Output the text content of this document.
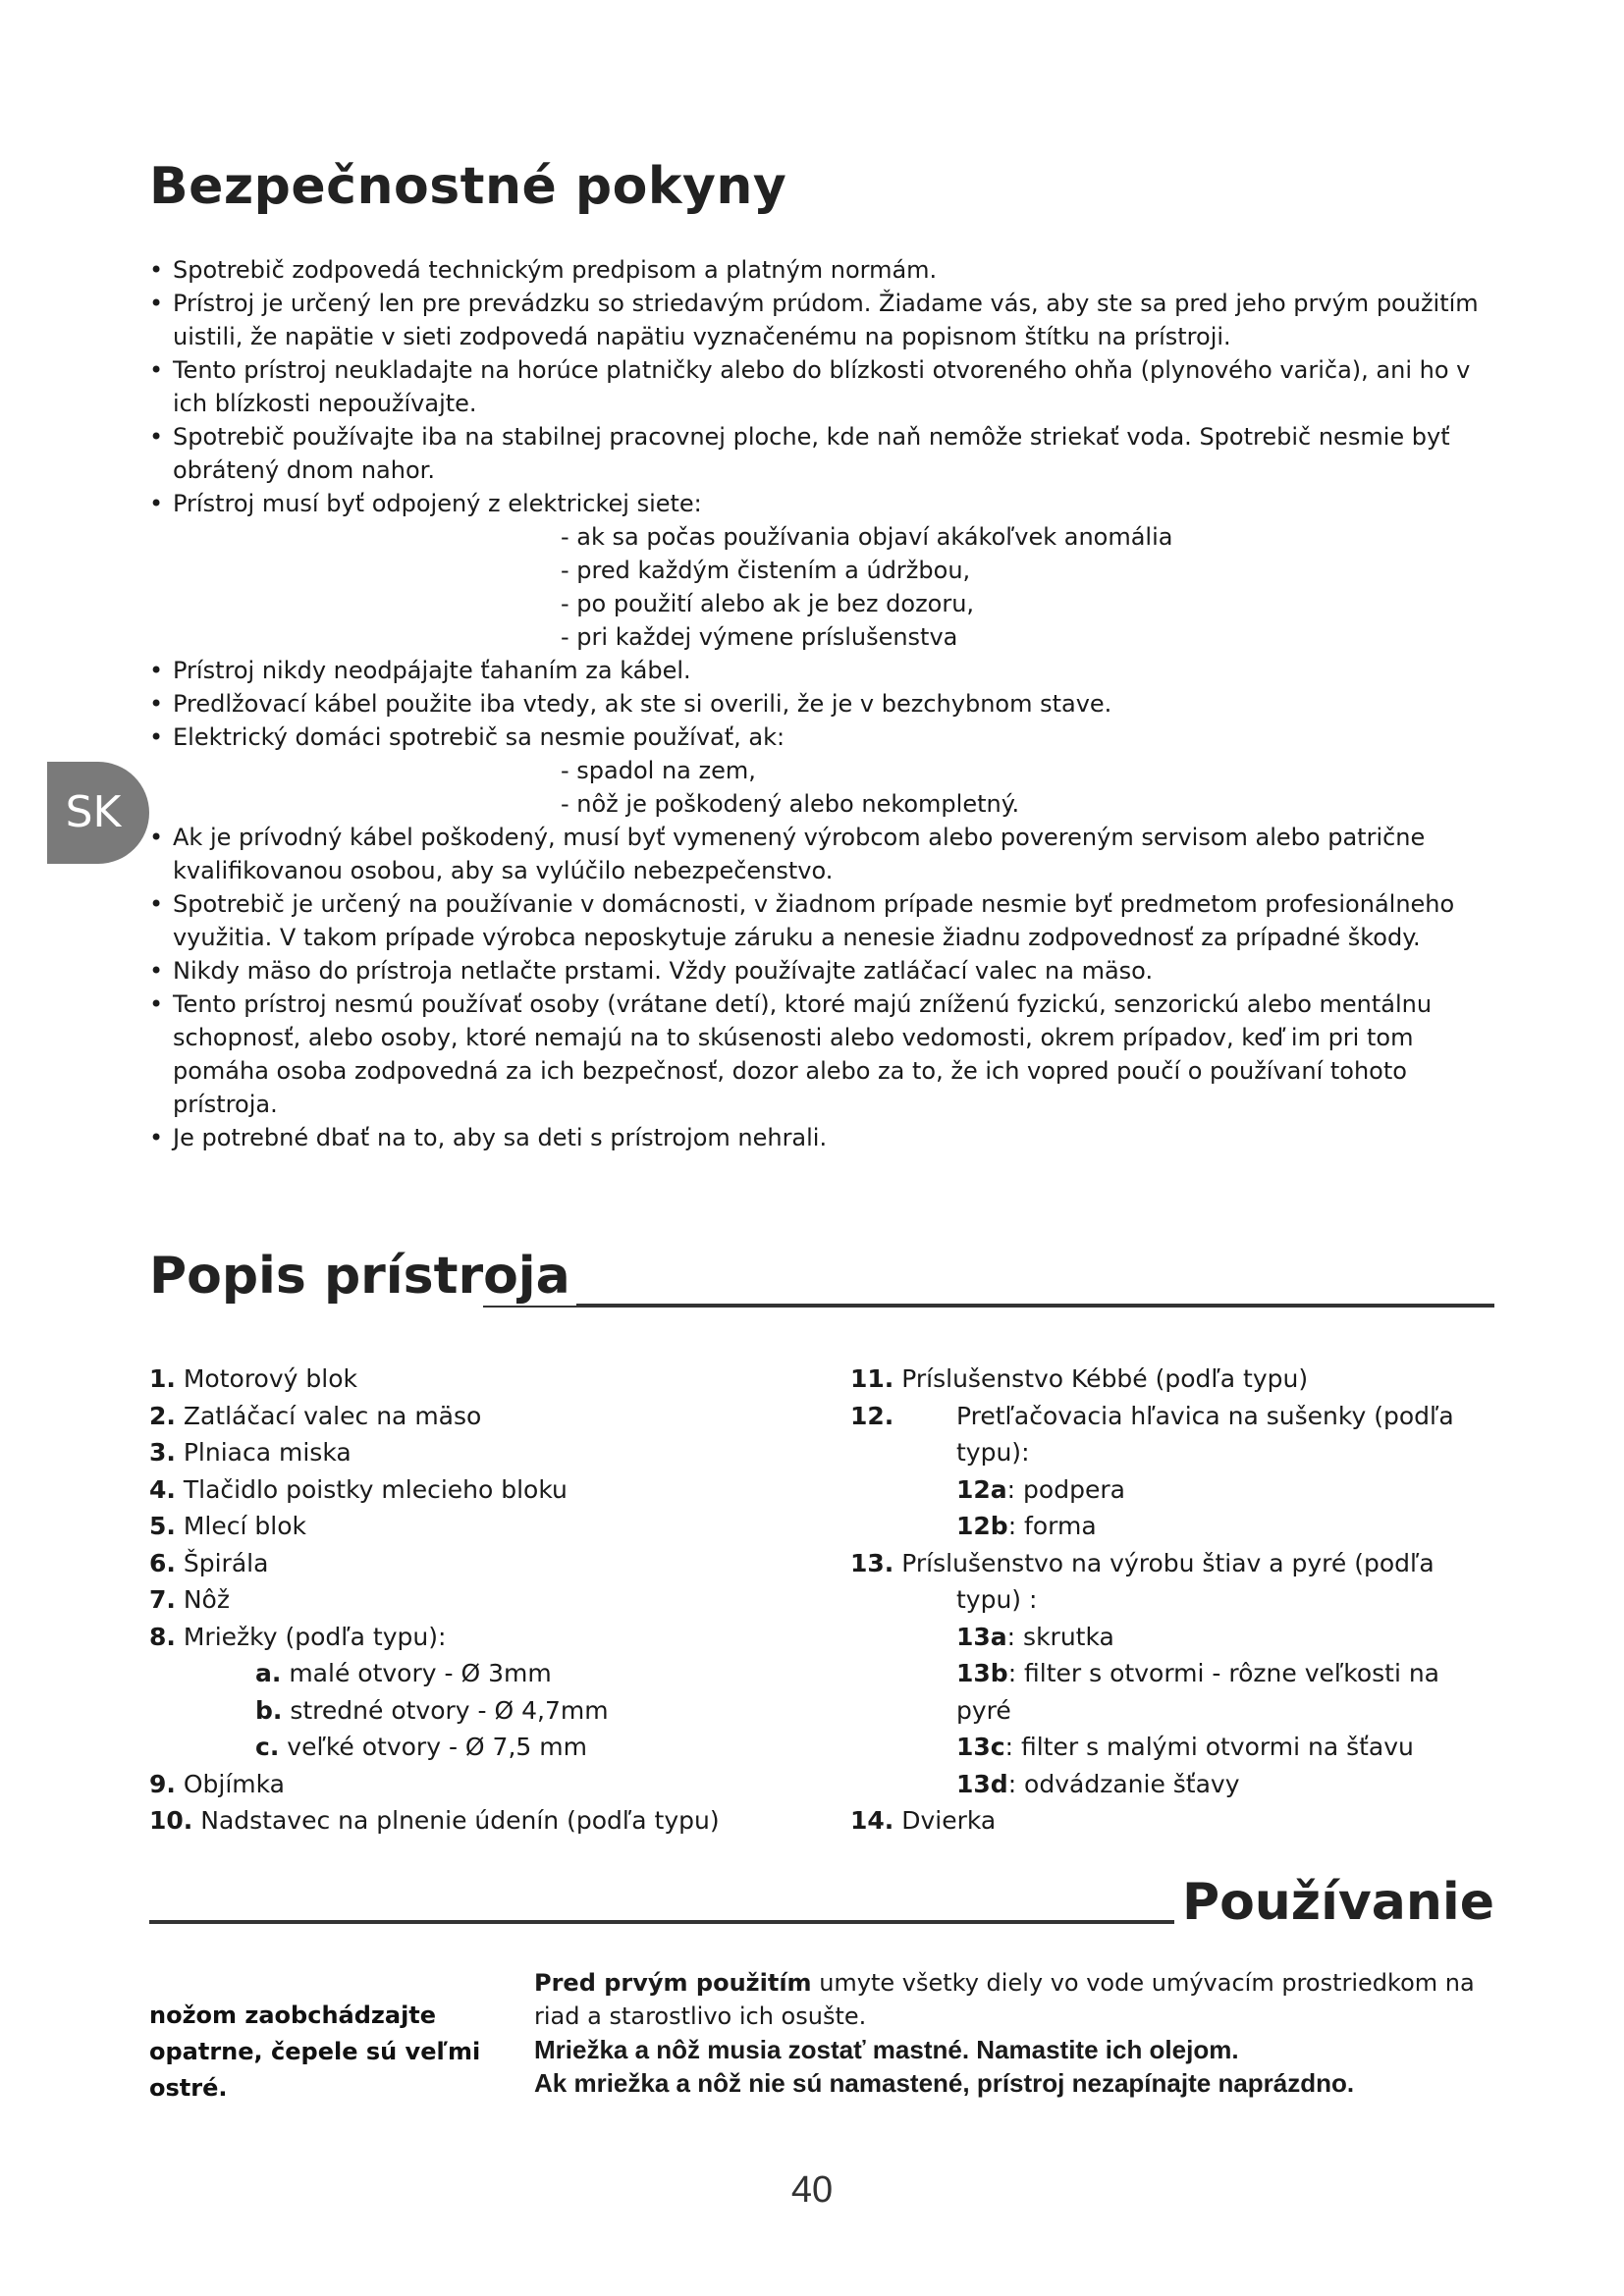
Bezpečnostné pokyny
• Spotrebič zodpovedá technickým predpisom a platným normám.
• Prístroj je určený len pre prevádzku so striedavým prúdom. Žiadame vás, aby ste sa pred jeho prvým použitím uistili, že napätie v sieti zodpovedá napätiu vyznačenému na popisnom štítku na prístroji.
• Tento prístroj neukladajte na horúce platničky alebo do blízkosti otvoreného ohňa (plynového variča), ani ho v ich blízkosti nepoužívajte.
• Spotrebič používajte iba na stabilnej pracovnej ploche, kde naň nemôže striekať voda. Spotrebič nesmie byť obrátený dnom nahor.
• Prístroj musí byť odpojený z elektrickej siete:
- ak sa počas používania objaví akákoľvek anomália
- pred každým čistením a údržbou,
- po použití alebo ak je bez dozoru,
- pri každej výmene príslušenstva
• Prístroj nikdy neodpájajte ťahaním za kábel.
• Predlžovací kábel použite iba vtedy, ak ste si overili, že je v bezchybnom stave.
• Elektrický domáci spotrebič sa nesmie používať, ak:
- spadol na zem,
- nôž je poškodený alebo nekompletný.
• Ak je prívodný kábel poškodený, musí byť vymenený výrobcom alebo povereným servisom alebo patrične kvalifikovanou osobou, aby sa vylúčilo nebezpečenstvo.
• Spotrebič je určený na používanie v domácnosti, v žiadnom prípade nesmie byť predmetom profesionálneho využitia. V takom prípade výrobca neposkytuje záruku a nenesie žiadnu zodpovednosť za prípadné škody.
• Nikdy mäso do prístroja netlačte prstami. Vždy používajte zatláčací valec na mäso.
• Tento prístroj nesmú používať osoby (vrátane detí), ktoré majú zníženú fyzickú, senzorickú alebo mentálnu schopnosť, alebo osoby, ktoré nemajú na to skúsenosti alebo vedomosti, okrem prípadov, keď im pri tom pomáha osoba zodpovedná za ich bezpečnosť, dozor alebo za to, že ich vopred poučí o používaní tohoto prístroja.
• Je potrebné dbať na to, aby sa deti s prístrojom nehrali.
SK
Popis prístroja
1. Motorový blok
2. Zatláčací valec na mäso
3. Plniaca miska
4. Tlačidlo poistky mlecieho bloku
5. Mlecí blok
6. Špirála
7. Nôž
8. Mriežky (podľa typu):
a. malé otvory - Ø 3mm
b. stredné otvory - Ø 4,7mm
c. veľké otvory - Ø 7,5 mm
9. Objímka
10. Nadstavec na plnenie údenín (podľa typu)
11. Príslušenstvo Kébbé (podľa typu)
12.	Pretľačovacia hľavica na sušenky (podľa
typu):
12a: podpera
12b: forma
13. Príslušenstvo na výrobu štiav a pyré (podľa
typu) :
13a: skrutka
13b: filter s otvormi - rôzne veľkosti na pyré
13c: filter s malými otvormi na šťavu
13d: odvádzanie šťavy
14. Dvierka
Používanie
nožom zaobchádzajte opatrne, čepele sú veľmi ostré.
Pred prvým použitím umyte všetky diely vo vode umývacím prostriedkom na riad a starostlivo ich osušte.
Mriežka a nôž musia zostať mastné. Namastite ich olejom.
Ak mriežka a nôž nie sú namastené, prístroj nezapínajte naprázdno.
40
